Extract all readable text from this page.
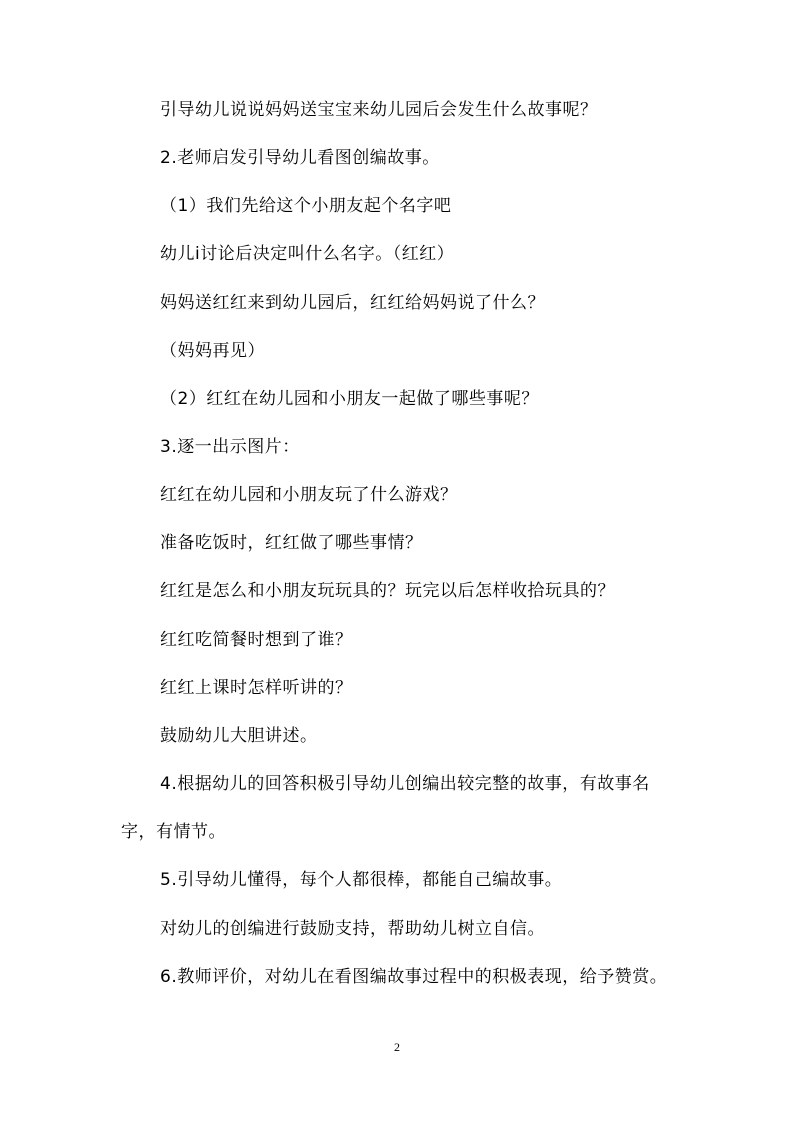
引导幼儿说说妈妈送宝宝来幼儿园后会发生什么故事呢？
2.老师启发引导幼儿看图创编故事。
（1）我们先给这个小朋友起个名字吧
幼儿i讨论后决定叫什么名字。（红红）
妈妈送红红来到幼儿园后，红红给妈妈说了什么？
（妈妈再见）
（2）红红在幼儿园和小朋友一起做了哪些事呢？
3.逐一出示图片：
红红在幼儿园和小朋友玩了什么游戏？
准备吃饭时，红红做了哪些事情？
红红是怎么和小朋友玩玩具的？玩完以后怎样收拾玩具的？
红红吃简餐时想到了谁？
红红上课时怎样听讲的？
鼓励幼儿大胆讲述。
4.根据幼儿的回答积极引导幼儿创编出较完整的故事，有故事名
字，有情节。
5.引导幼儿懂得，每个人都很棒，都能自己编故事。
对幼儿的创编进行鼓励支持，帮助幼儿树立自信。
6.教师评价，对幼儿在看图编故事过程中的积极表现，给予赞赏。
2
